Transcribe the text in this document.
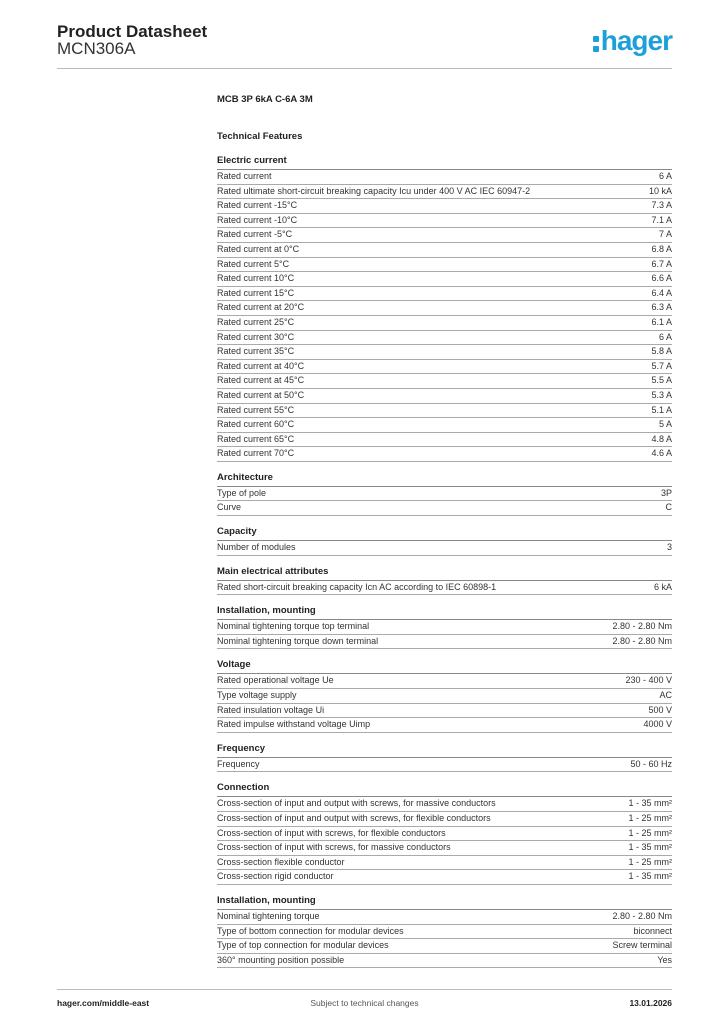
Product Datasheet
MCN306A	hager
MCB 3P 6kA C-6A 3M
Technical Features
Electric current
Rated current	6 A
Rated ultimate short-circuit breaking capacity Icu under 400 V AC IEC 60947-2	10 kA
Rated current -15°C	7.3 A
Rated current -10°C	7.1 A
Rated current -5°C	7 A
Rated current at 0°C	6.8 A
Rated current 5°C	6.7 A
Rated current 10°C	6.6 A
Rated current 15°C	6.4 A
Rated current at 20°C	6.3 A
Rated current 25°C	6.1 A
Rated current 30°C	6 A
Rated current 35°C	5.8 A
Rated current at 40°C	5.7 A
Rated current at 45°C	5.5 A
Rated current at 50°C	5.3 A
Rated current 55°C	5.1 A
Rated current 60°C	5 A
Rated current 65°C	4.8 A
Rated current 70°C	4.6 A
Architecture
Type of pole	3P
Curve	C
Capacity
Number of modules	3
Main electrical attributes
Rated short-circuit breaking capacity Icn AC according to IEC 60898-1	6 kA
Installation, mounting
Nominal tightening torque top terminal	2.80 - 2.80 Nm
Nominal tightening torque down terminal	2.80 - 2.80 Nm
Voltage
Rated operational voltage Ue	230 - 400 V
Type voltage supply	AC
Rated insulation voltage Ui	500 V
Rated impulse withstand voltage Uimp	4000 V
Frequency
Frequency	50 - 60 Hz
Connection
Cross-section of input and output with screws, for massive conductors	1 - 35 mm²
Cross-section of input and output with screws, for flexible conductors	1 - 25 mm²
Cross-section of input with screws, for flexible conductors	1 - 25 mm²
Cross-section of input with screws, for massive conductors	1 - 35 mm²
Cross-section flexible conductor	1 - 25 mm²
Cross-section rigid conductor	1 - 35 mm²
Installation, mounting
Nominal tightening torque	2.80 - 2.80 Nm
Type of bottom connection for modular devices	biconnect
Type of top connection for modular devices	Screw terminal
360° mounting position possible	Yes
hager.com/middle-east	Subject to technical changes	13.01.2026
